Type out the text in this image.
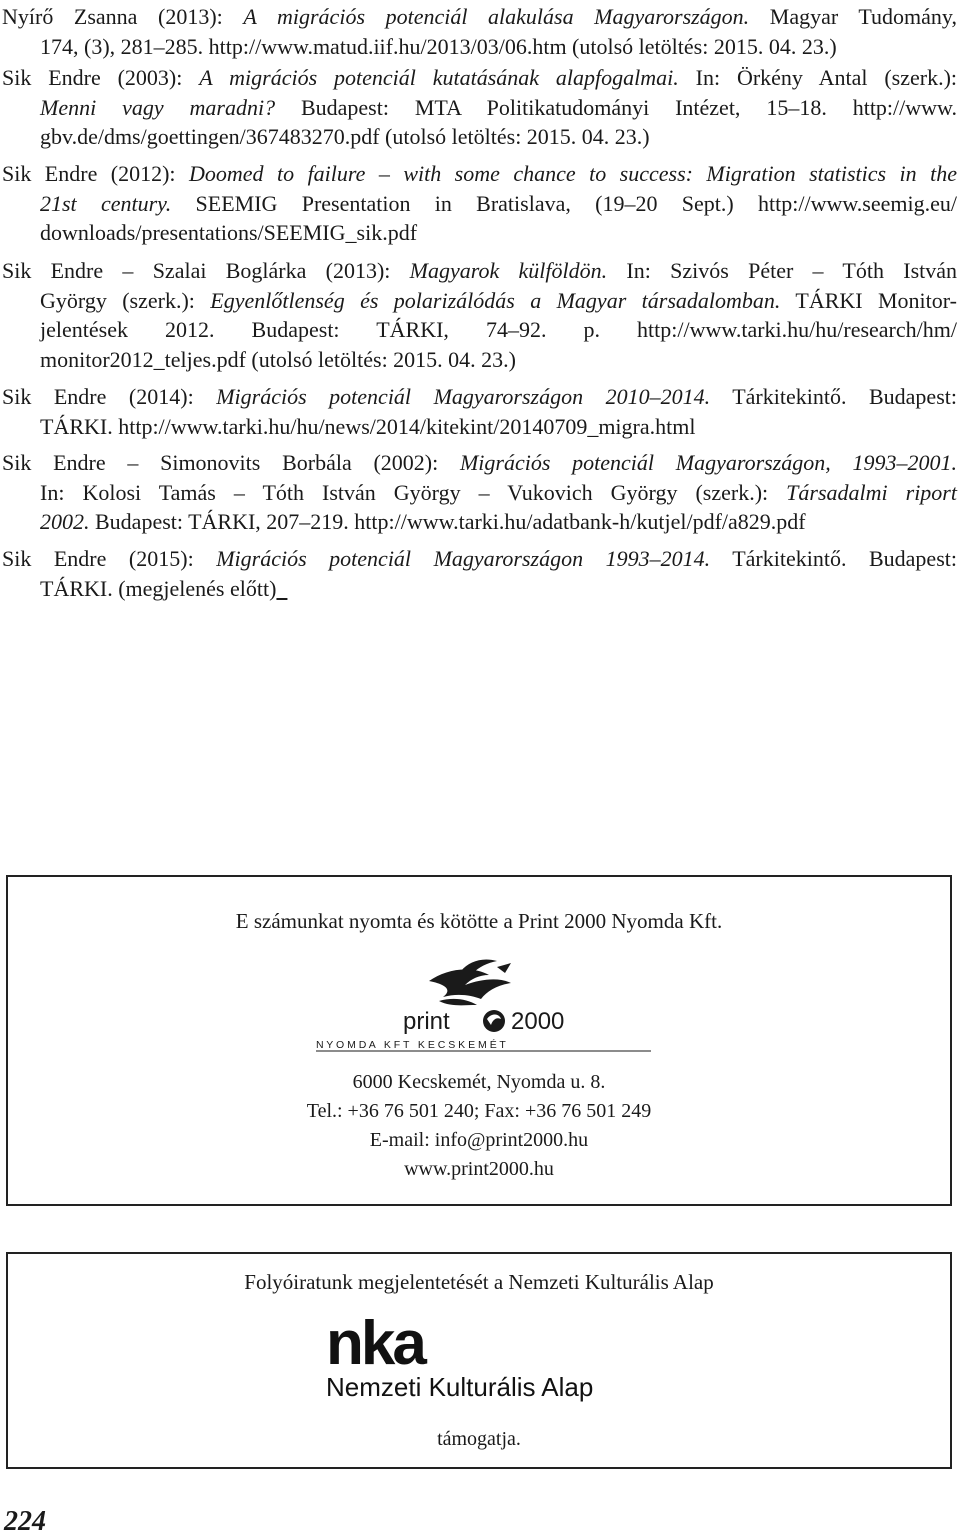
Nyírő Zsanna (2013): A migrációs potenciál alakulása Magyarországon. Magyar Tudomány,
174, (3), 281–285. http://www.matud.iif.hu/2013/03/06.htm (utolsó letöltés: 2015. 04. 23.)
Sik Endre (2003): A migrációs potenciál kutatásának alapfogalmai. In: Örkény Antal (szerk.):
Menni vagy maradni? Budapest: MTA Politikatudományi Intézet, 15–18. http://www.
gbv.de/dms/goettingen/367483270.pdf (utolsó letöltés: 2015. 04. 23.)
Sik Endre (2012): Doomed to failure – with some chance to success: Migration statistics in the
21st century. SEEMIG Presentation in Bratislava, (19–20 Sept.) http://www.seemig.eu/
downloads/presentations/SEEMIG_sik.pdf
Sik Endre – Szalai Boglárka (2013): Magyarok külföldön. In: Szivós Péter – Tóth István
György (szerk.): Egyenlőtlenség és polarizálódás a Magyar társadalomban. TÁRKI Monitor-
jelentések 2012. Budapest: TÁRKI, 74–92. p. http://www.tarki.hu/hu/research/hm/
monitor2012_teljes.pdf (utolsó letöltés: 2015. 04. 23.)
Sik Endre (2014): Migrációs potenciál Magyarországon 2010–2014. Tárkitekintő. Budapest:
TÁRKI. http://www.tarki.hu/hu/news/2014/kitekint/20140709_migra.html
Sik Endre – Simonovits Borbála (2002): Migrációs potenciál Magyarországon, 1993–2001.
In: Kolosi Tamás – Tóth István György – Vukovich György (szerk.): Társadalmi riport
2002. Budapest: TÁRKI, 207–219. http://www.tarki.hu/adatbank-h/kutjel/pdf/a829.pdf
Sik Endre (2015): Migrációs potenciál Magyarországon 1993–2014. Tárkitekintő. Budapest:
TÁRKI. (megjelenés előtt)
E számunkat nyomta és kötötte a Print 2000 Nyomda Kft.
print	2000
N Y O M D A   K F T   K E C S K E M É T
6000 Kecskemét, Nyomda u. 8.
Tel.: +36 76 501 240; Fax: +36 76 501 249
E-mail: info@print2000.hu
www.print2000.hu
Folyóiratunk megjelentetését a Nemzeti Kulturális Alap
nka
Nemzeti Kulturális Alap
támogatja.
224
